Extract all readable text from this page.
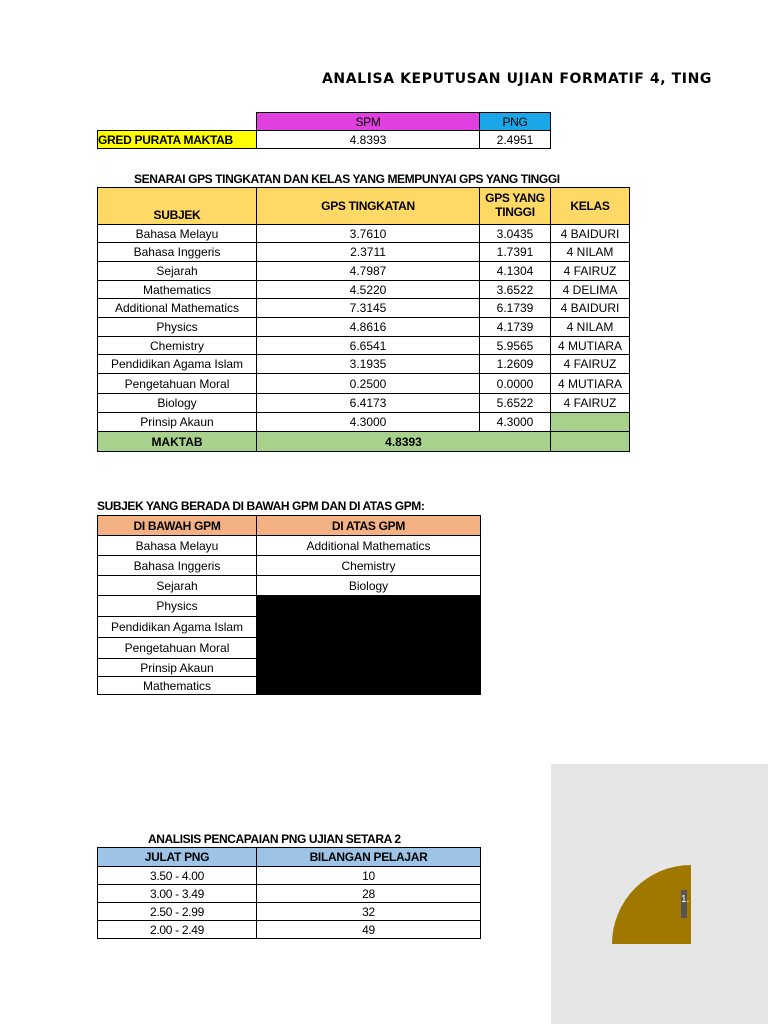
ANALISA KEPUTUSAN UJIAN FORMATIF 4, TING
	SPM	PNG
GRED PURATA MAKTAB	4.8393	2.4951
SENARAI GPS TINGKATAN DAN KELAS YANG MEMPUNYAI GPS YANG TINGGI
SUBJEK	GPS TINGKATAN	GPS YANG TINGGI	KELAS
Bahasa Melayu	3.7610	3.0435	4 BAIDURI
Bahasa Inggeris	2.3711	1.7391	4 NILAM
Sejarah	4.7987	4.1304	4 FAIRUZ
Mathematics	4.5220	3.6522	4 DELIMA
Additional Mathematics	7.3145	6.1739	4 BAIDURI
Physics	4.8616	4.1739	4 NILAM
Chemistry	6.6541	5.9565	4 MUTIARA
Pendidikan Agama Islam	3.1935	1.2609	4 FAIRUZ
Pengetahuan Moral	0.2500	0.0000	4 MUTIARA
Biology	6.4173	5.6522	4 FAIRUZ
Prinsip Akaun	4.3000	4.3000	
MAKTAB	4.8393		
SUBJEK YANG BERADA DI BAWAH GPM DAN DI ATAS GPM:
DI BAWAH GPM	DI ATAS GPM
Bahasa Melayu	Additional Mathematics
Bahasa Inggeris	Chemistry
Sejarah	Biology
Physics	
Pendidikan Agama Islam	
Pengetahuan Moral	
Prinsip Akaun	
Mathematics	
1.
ANALISIS PENCAPAIAN PNG UJIAN SETARA 2
JULAT PNG	BILANGAN PELAJAR
3.50 - 4.00	10
3.00 - 3.49	28
2.50 - 2.99	32
2.00 - 2.49	49
